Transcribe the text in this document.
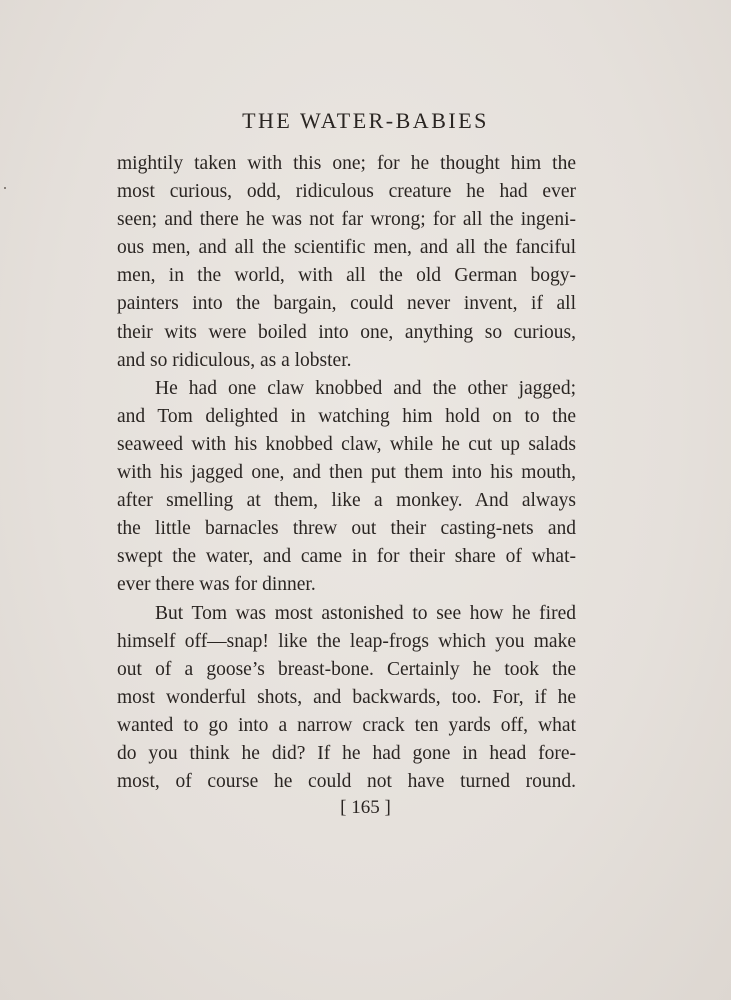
THE WATER-BABIES
mightily taken with this one; for he thought him the
most curious, odd, ridiculous creature he had ever
seen; and there he was not far wrong; for all the ingeni-
ous men, and all the scientific men, and all the fanciful
men, in the world, with all the old German bogy-
painters into the bargain, could never invent, if all
their wits were boiled into one, anything so curious,
and so ridiculous, as a lobster.
He had one claw knobbed and the other jagged;
and Tom delighted in watching him hold on to the
seaweed with his knobbed claw, while he cut up salads
with his jagged one, and then put them into his mouth,
after smelling at them, like a monkey. And always
the little barnacles threw out their casting-nets and
swept the water, and came in for their share of what-
ever there was for dinner.
But Tom was most astonished to see how he fired
himself off—snap! like the leap-frogs which you make
out of a goose’s breast-bone. Certainly he took the
most wonderful shots, and backwards, too. For, if he
wanted to go into a narrow crack ten yards off, what
do you think he did? If he had gone in head fore-
most, of course he could not have turned round.
[ 165 ]
